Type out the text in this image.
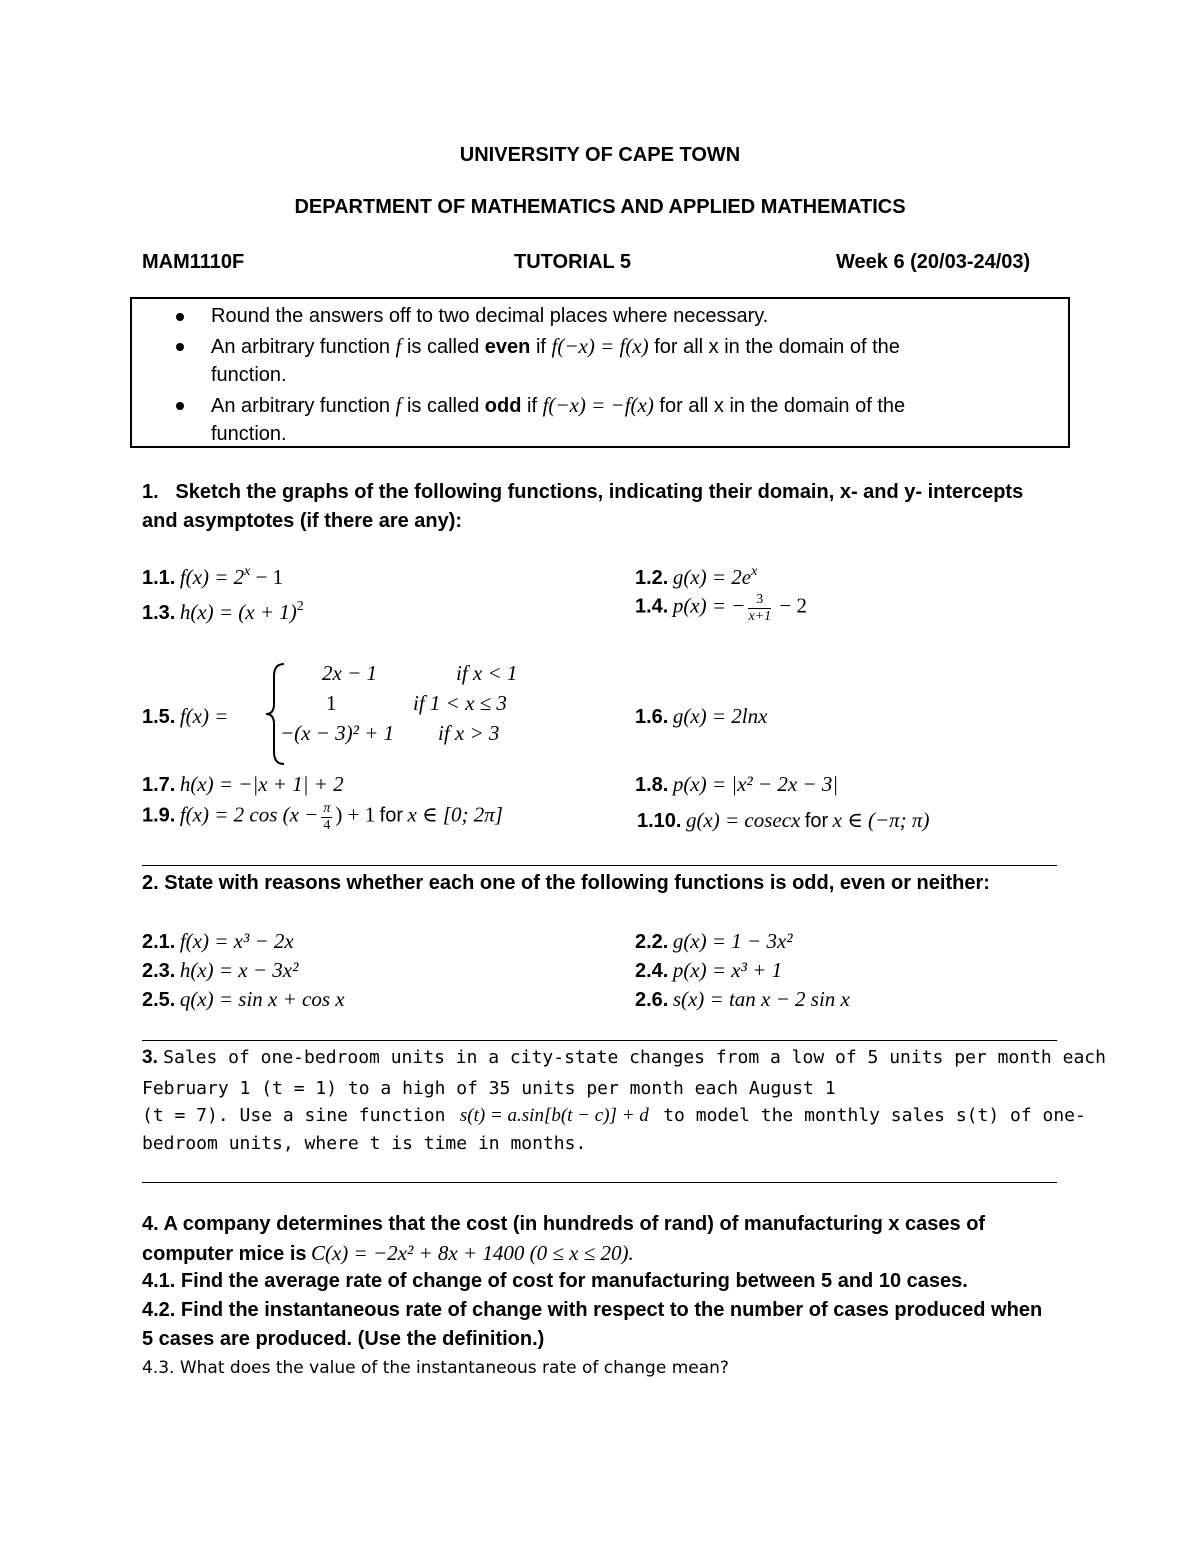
UNIVERSITY OF CAPE TOWN
DEPARTMENT OF MATHEMATICS AND APPLIED MATHEMATICS
MAM1110F	TUTORIAL 5	Week 6 (20/03-24/03)
Round the answers off to two decimal places where necessary.
An arbitrary function f is called even if f(−x) = f(x) for all x in the domain of the
function.
An arbitrary function f is called odd if f(−x) = −f(x) for all x in the domain of the
function.
1. Sketch the graphs of the following functions, indicating their domain, x- and y- intercepts
and asymptotes (if there are any):
1.1. f(x) = 2x − 1	1.2. g(x) = 2ex
1.3. h(x) = (x + 1)2	1.4. p(x) = − $\frac{3}{x+1} - 2$
1.5. f(x) =
2x − 1	if x < 1
1	if 1 < x ≤ 3
−(x − 3)² + 1 if x > 3
1.6. g(x) = 2lnx
1.7. h(x) = −|x + 1| + 2	1.8. p(x) = |x² − 2x − 3|
1.9. f(x) = 2 $\cos (x - \frac{\pi}{4}$ ) + 1 for x ∈ [0; 2π]	1.10. g(x) = cosecx for x ∈ (−π; π)
2. State with reasons whether each one of the following functions is odd, even or neither:
2.1. f(x) = x³ − 2x	2.2. g(x) = 1 − 3x²
2.3. h(x) = x − 3x²	2.4. p(x) = x³ + 1
2.5. q(x) = sin x + cos x	2.6. s(x) = tan x − 2 sin x
3. Sales of one-bedroom units in a city-state changes from a low of 5 units per month each
February 1 (t = 1) to a high of 35 units per month each August 1
(t = 7). Use a sine function s(t) = a.sin[b(t − c)] + d to model the monthly sales s(t) of one-
bedroom units, where t is time in months.
4. A company determines that the cost (in hundreds of rand) of manufacturing x cases of
computer mice is C(x) = −2x² + 8x + 1400 (0 ≤ x ≤ 20).
4.1. Find the average rate of change of cost for manufacturing between 5 and 10 cases.
4.2. Find the instantaneous rate of change with respect to the number of cases produced when
5 cases are produced. (Use the definition.)
4.3. What does the value of the instantaneous rate of change mean?
